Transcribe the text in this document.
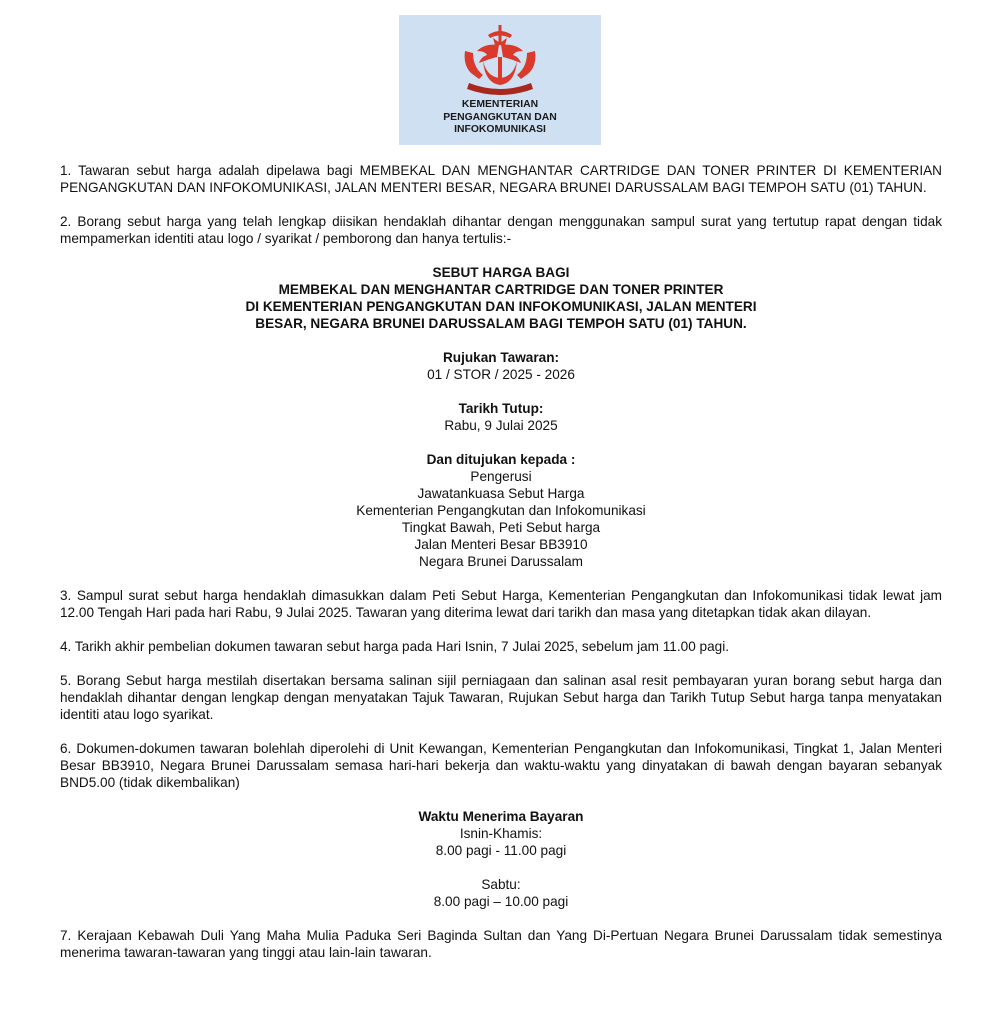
KEMENTERIAN
PENGANGKUTAN DAN
INFOKOMUNIKASI

1. Tawaran sebut harga adalah dipelawa bagi MEMBEKAL DAN MENGHANTAR CARTRIDGE DAN TONER PRINTER DI KEMENTERIAN PENGANGKUTAN DAN INFOKOMUNIKASI, JALAN MENTERI BESAR, NEGARA BRUNEI DARUSSALAM BAGI TEMPOH SATU (01) TAHUN.

2. Borang sebut harga yang telah lengkap diisikan hendaklah dihantar dengan menggunakan sampul surat yang tertutup rapat dengan tidak mempamerkan identiti atau logo / syarikat / pemborong dan hanya tertulis:-

SEBUT HARGA BAGI
MEMBEKAL DAN MENGHANTAR CARTRIDGE DAN TONER PRINTER
DI KEMENTERIAN PENGANGKUTAN DAN INFOKOMUNIKASI, JALAN MENTERI
BESAR, NEGARA BRUNEI DARUSSALAM BAGI TEMPOH SATU (01) TAHUN.
Rujukan Tawaran:
01 / STOR / 2025 - 2026
Tarikh Tutup:
Rabu, 9 Julai 2025
Dan ditujukan kepada :
Pengerusi
Jawatankuasa Sebut Harga
Kementerian Pengangkutan dan Infokomunikasi
Tingkat Bawah, Peti Sebut harga
Jalan Menteri Besar BB3910
Negara Brunei Darussalam

3. Sampul surat sebut harga hendaklah dimasukkan dalam Peti Sebut Harga, Kementerian Pengangkutan dan Infokomunikasi tidak lewat jam 12.00 Tengah Hari pada hari Rabu, 9 Julai 2025. Tawaran yang diterima lewat dari tarikh dan masa yang ditetapkan tidak akan dilayan.

4. Tarikh akhir pembelian dokumen tawaran sebut harga pada Hari Isnin, 7 Julai 2025, sebelum jam 11.00 pagi.

5. Borang Sebut harga mestilah disertakan bersama salinan sijil perniagaan dan salinan asal resit pembayaran yuran borang sebut harga dan hendaklah dihantar dengan lengkap dengan menyatakan Tajuk Tawaran, Rujukan Sebut harga dan Tarikh Tutup Sebut harga tanpa menyatakan identiti atau logo syarikat.

6. Dokumen-dokumen tawaran bolehlah diperolehi di Unit Kewangan, Kementerian Pengangkutan dan Infokomunikasi, Tingkat 1, Jalan Menteri Besar BB3910, Negara Brunei Darussalam semasa hari-hari bekerja dan waktu-waktu yang dinyatakan di bawah dengan bayaran sebanyak BND5.00 (tidak dikembalikan)

Waktu Menerima Bayaran
Isnin-Khamis:
8.00 pagi - 11.00 pagi
Sabtu:
8.00 pagi – 10.00 pagi

7. Kerajaan Kebawah Duli Yang Maha Mulia Paduka Seri Baginda Sultan dan Yang Di-Pertuan Negara Brunei Darussalam tidak semestinya menerima tawaran-tawaran yang tinggi atau lain-lain tawaran.
